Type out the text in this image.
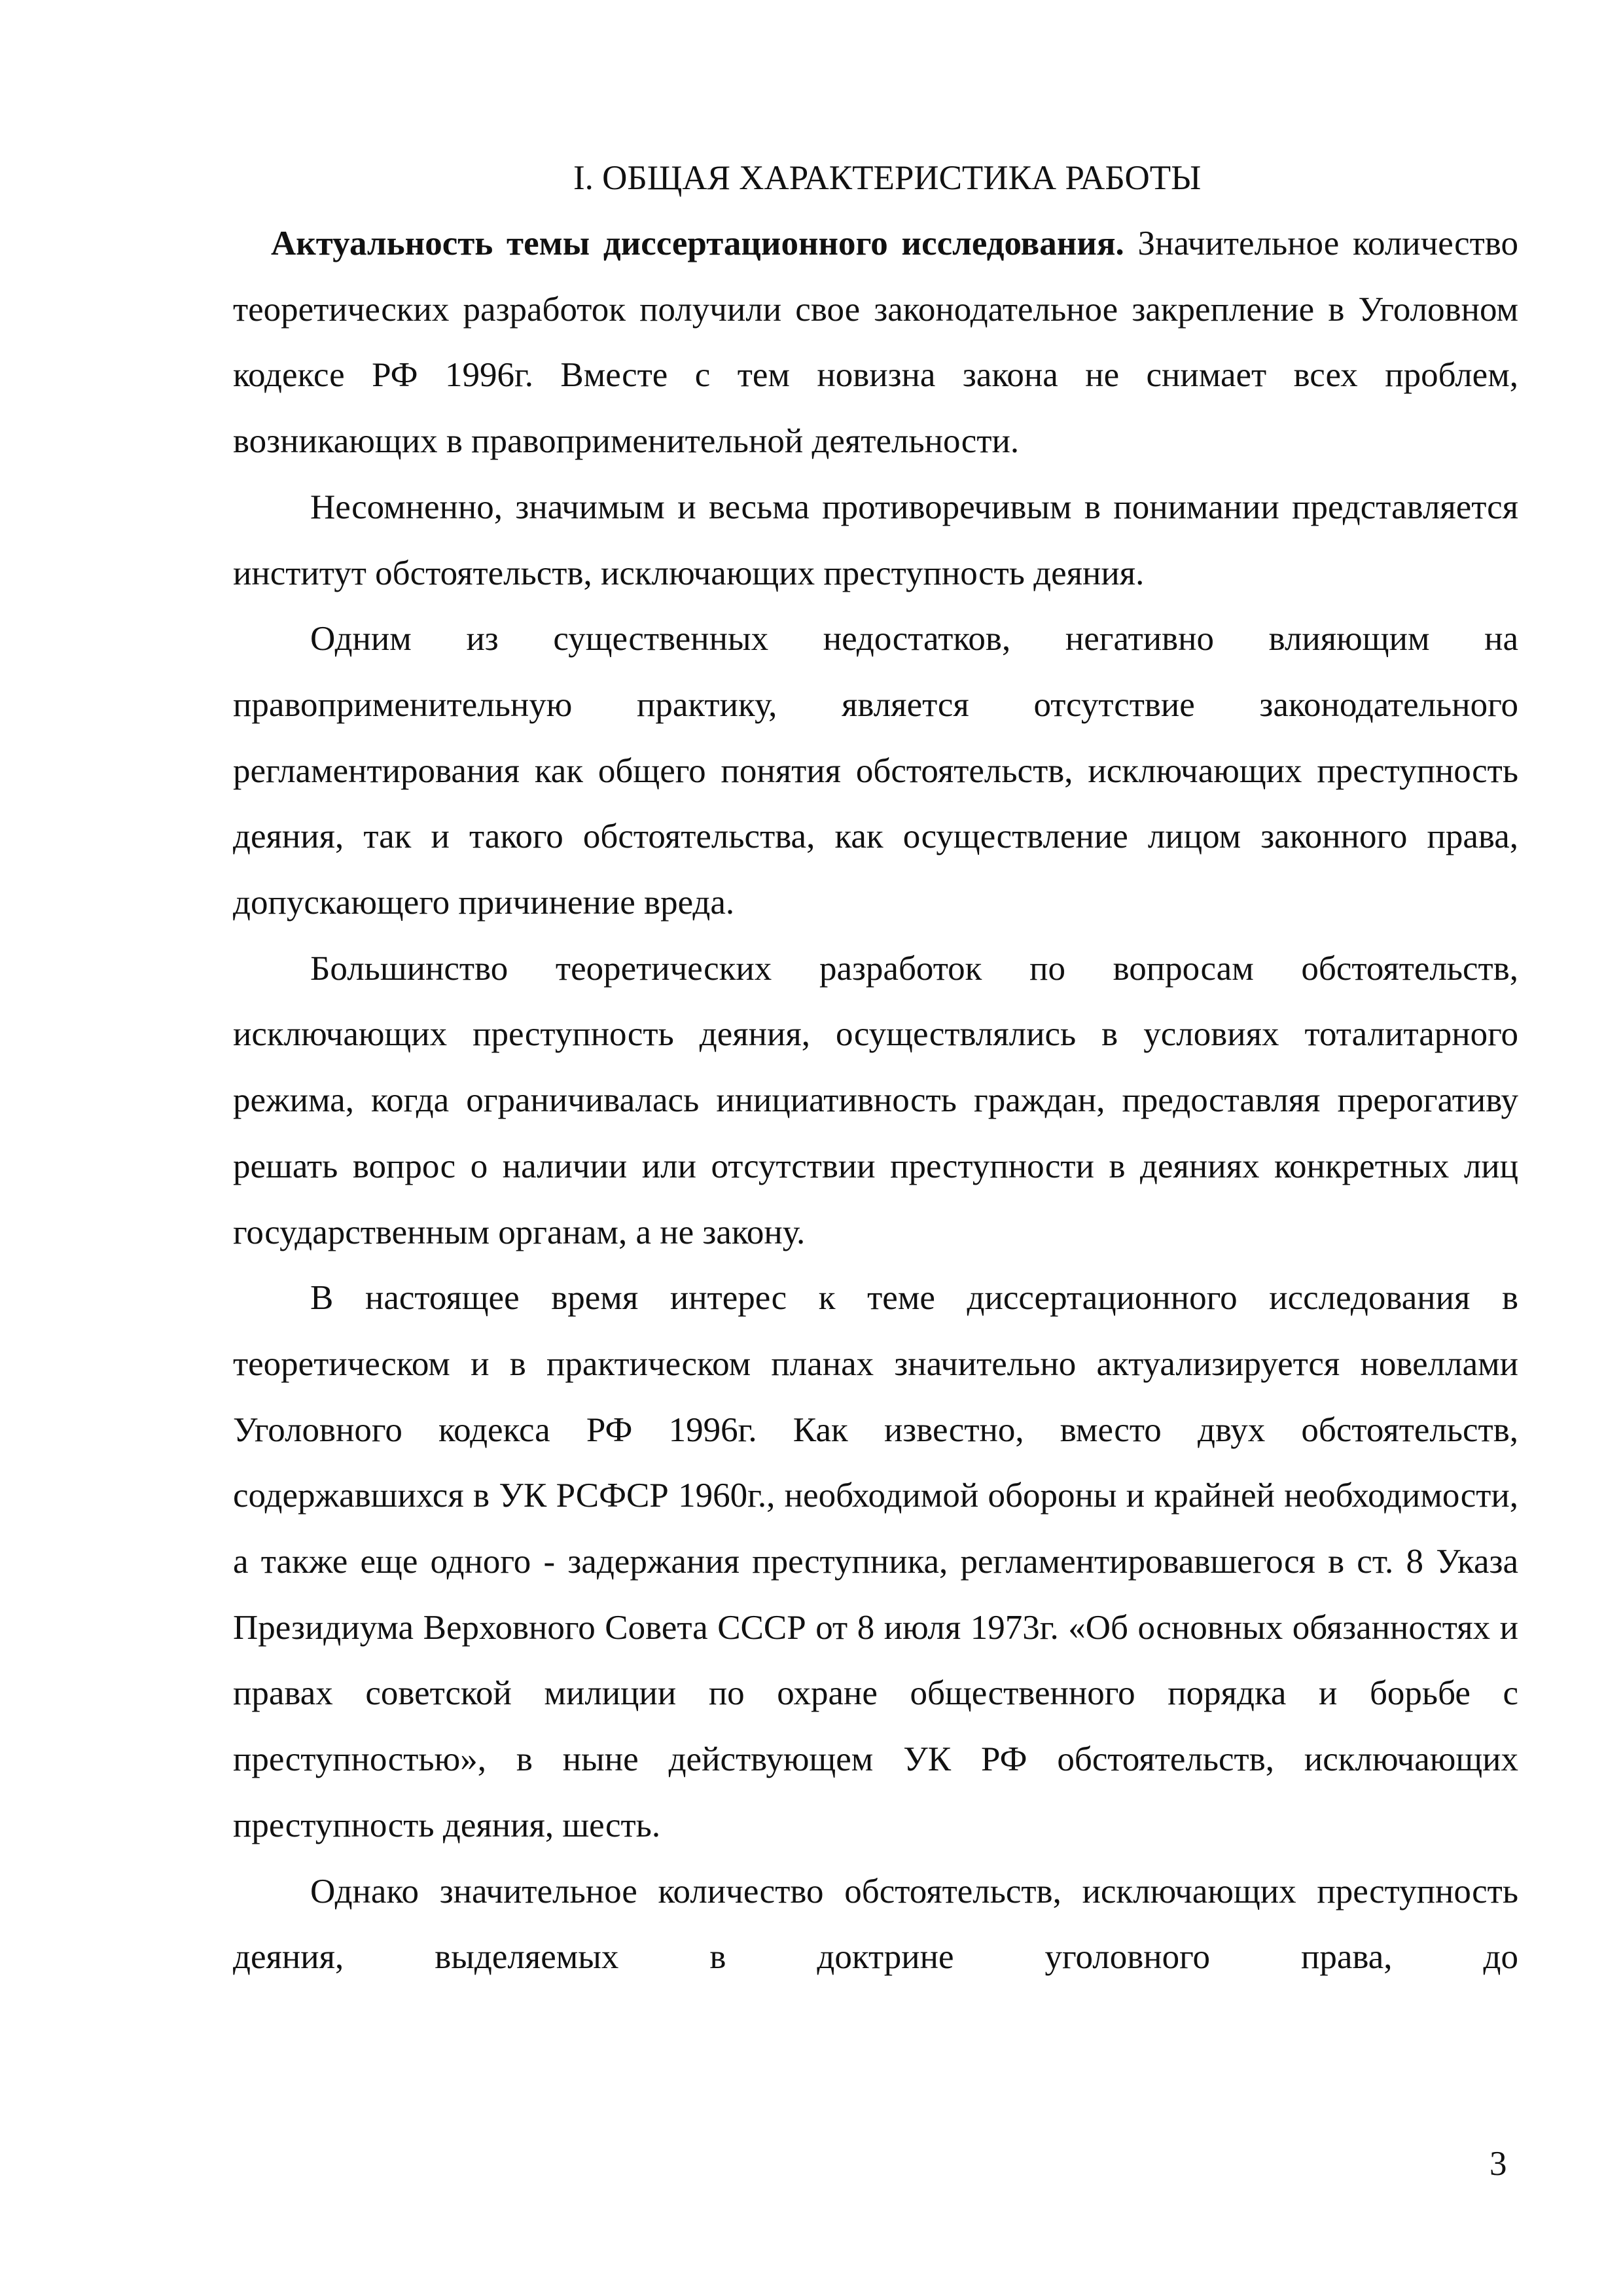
I. ОБЩАЯ ХАРАКТЕРИСТИКА РАБОТЫ

Актуальность темы диссертационного исследования. Значительное количество теоретических разработок получили свое законодательное закрепление в Уголовном кодексе РФ 1996г. Вместе с тем новизна закона не снимает всех проблем, возникающих в правоприменительной деятельности.

Несомненно, значимым и весьма противоречивым в понимании представляется институт обстоятельств, исключающих преступность деяния.

Одним из существенных недостатков, негативно влияющим на правоприменительную практику, является отсутствие законодательного регламентирования как общего понятия обстоятельств, исключающих преступность деяния, так и такого обстоятельства, как осуществление лицом законного права, допускающего причинение вреда.

Большинство теоретических разработок по вопросам обстоятельств, исключающих преступность деяния, осуществлялись в условиях тоталитарного режима, когда ограничивалась инициативность граждан, предоставляя прерогативу решать вопрос о наличии или отсутствии преступности в деяниях конкретных лиц государственным органам, а не закону.

В настоящее время интерес к теме диссертационного исследования в теоретическом и в практическом планах значительно актуализируется новеллами Уголовного кодекса РФ 1996г. Как известно, вместо двух обстоятельств, содержавшихся в УК РСФСР 1960г., необходимой обороны и крайней необходимости, а также еще одного - задержания преступника, регламентировавшегося в ст. 8 Указа Президиума Верховного Совета СССР от 8 июля 1973г. «Об основных обязанностях и правах советской милиции по охране общественного порядка и борьбе с преступностью», в ныне действующем УК РФ обстоятельств, исключающих преступность деяния, шесть.

Однако значительное количество обстоятельств, исключающих преступность деяния, выделяемых в доктрине уголовного права, до

3
